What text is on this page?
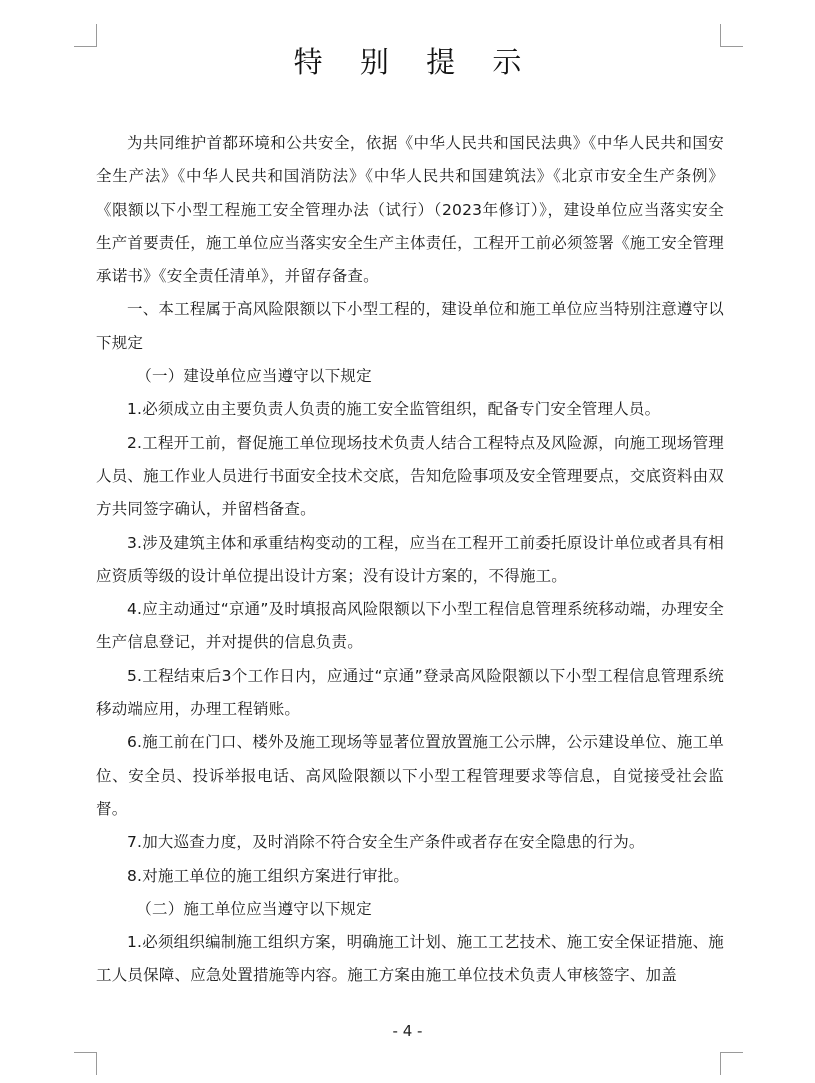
特 别 提 示

为共同维护首都环境和公共安全，依据《中华人民共和国民法典》《中华人民共和国安全生产法》《中华人民共和国消防法》《中华人民共和国建筑法》《北京市安全生产条例》《限额以下小型工程施工安全管理办法（试行）（2023年修订）》，建设单位应当落实安全生产首要责任，施工单位应当落实安全生产主体责任，工程开工前必须签署《施工安全管理承诺书》《安全责任清单》，并留存备查。

一、本工程属于高风险限额以下小型工程的，建设单位和施工单位应当特别注意遵守以下规定

（一）建设单位应当遵守以下规定

1.必须成立由主要负责人负责的施工安全监管组织，配备专门安全管理人员。

2.工程开工前，督促施工单位现场技术负责人结合工程特点及风险源，向施工现场管理人员、施工作业人员进行书面安全技术交底，告知危险事项及安全管理要点，交底资料由双方共同签字确认，并留档备查。

3.涉及建筑主体和承重结构变动的工程，应当在工程开工前委托原设计单位或者具有相应资质等级的设计单位提出设计方案；没有设计方案的，不得施工。

4.应主动通过“京通”及时填报高风险限额以下小型工程信息管理系统移动端，办理安全生产信息登记，并对提供的信息负责。

5.工程结束后3个工作日内，应通过“京通”登录高风险限额以下小型工程信息管理系统移动端应用，办理工程销账。

6.施工前在门口、楼外及施工现场等显著位置放置施工公示牌，公示建设单位、施工单位、安全员、投诉举报电话、高风险限额以下小型工程管理要求等信息，自觉接受社会监督。

7.加大巡查力度，及时消除不符合安全生产条件或者存在安全隐患的行为。

8.对施工单位的施工组织方案进行审批。

（二）施工单位应当遵守以下规定

1.必须组织编制施工组织方案，明确施工计划、施工工艺技术、施工安全保证措施、施工人员保障、应急处置措施等内容。施工方案由施工单位技术负责人审核签字、加盖

- 4 -
